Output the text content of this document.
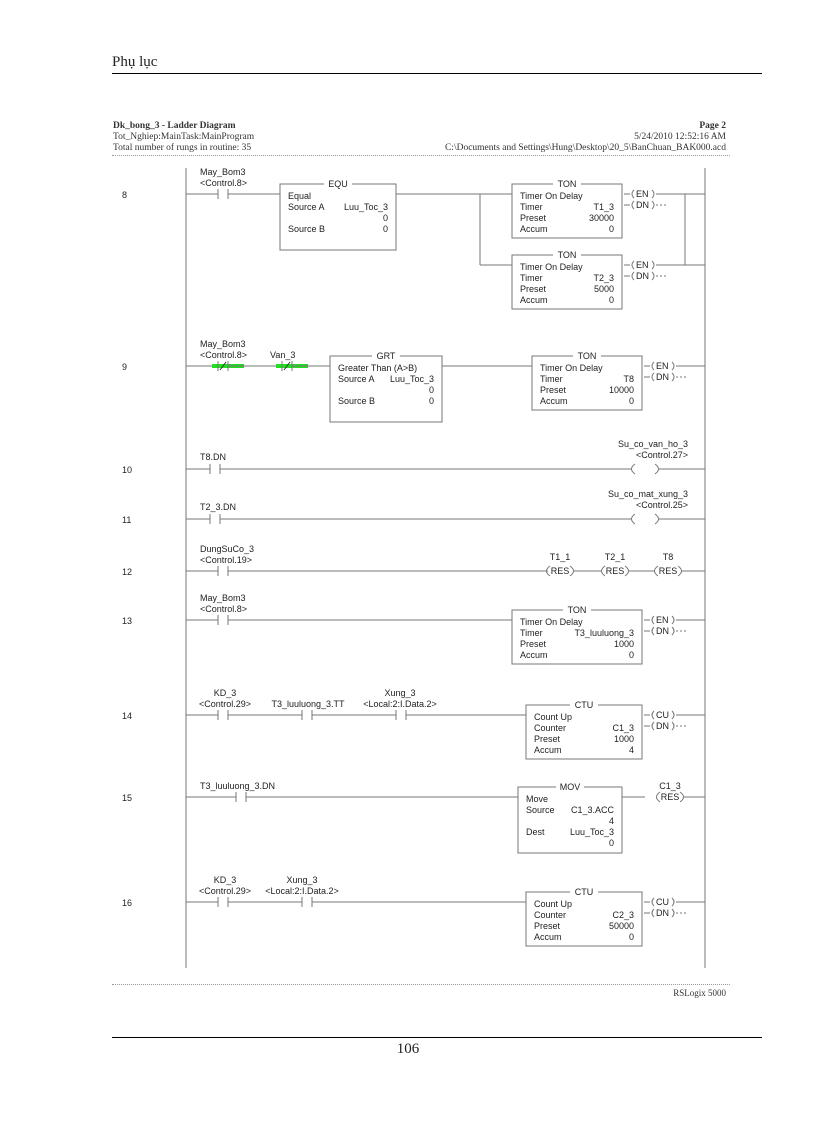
Phụ lục
Dk_bong_3 - Ladder Diagram
Tot_Nghiep:MainTask:MainProgram
Total number of rungs in routine: 35
Page 2
5/24/2010 12:52:16 AM
C:\Documents and Settings\Hung\Desktop\20_5\BanChuan_BAK000.acd
8
May_Bom3
<Control.8>	EQU
Equal
Source A Luu_Toc_3
0
Source B	0
TON
Timer On Delay
Timer	T1_3
Preset	30000
Accum	0
EN
DN
TON
Timer On Delay
Timer	T2_3
Preset	5000
Accum	0
EN
DN
9
May_Bom3
<Control.8>	Van_3	GRT
Greater Than (A>B)
Source A Luu_Toc_3
0
Source B	0
TON
Timer On Delay
Timer	T8
Preset	10000
Accum	0
EN
DN
10
T8.DN
Su_co_van_ho_3
<Control.27>
11
T2_3.DN
Su_co_mat_xung_3
<Control.25>
12
DungSuCo_3
<Control.19>	T1_1
RES
T2_1
RES
T8
RES
13
May_Bom3
<Control.8>	TON
Timer On Delay
Timer	T3_luuluong_3
Preset	1000
Accum	0
EN
DN
14
KD_3
<Control.29> T3_luuluong_3.TT
Xung_3
<Local:2:I.Data.2>	CTU
Count Up
Counter	C1_3
Preset	1000
Accum	4
CU
DN
15
T3_luuluong_3.DN	MOV
Move
Source C1_3.ACC
4
Dest	Luu_Toc_3
0
C1_3
RES
16
KD_3
<Control.29>
Xung_3
<Local:2:I.Data.2>	CTU
Count Up
Counter	C2_3
Preset	50000
Accum	0
CU
DN
RSLogix 5000
106
